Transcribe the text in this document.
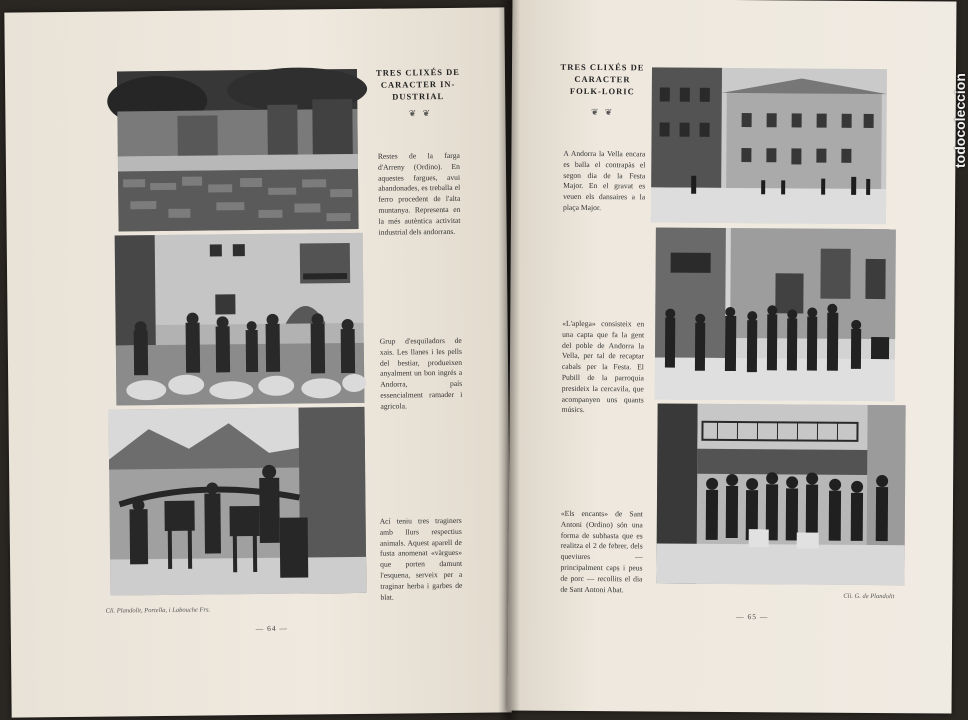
TRES CLIXÉS DE
CARACTER IN-
DUSTRIAL
❦ ❦
Restes de la farga d'Arreny (Ordino). En aquestes fargues, avui abandonades, es treballa el ferro procedent de l'alta muntanya. Representa en la més autèntica activitat industrial dels andorrans.
Grup d'esquiladors de xais. Les llanes i les pells del bestiar, produeixen anyalment un bon ingrés a Andorra, país essencialment ramader i agricola.
Ací teniu tres traginers amb llurs respectius animals. Aquest aparell de fusta anomenat «vàrgues» que porten damunt l'esquena, serveix per a traginar herba i garbes de blat.
Cli. Plandolit, Portella, i Labouche Frs.
— 64 —
TRES CLIXÉS DE
CARACTER
FOLK-LORIC
❦ ❦
A Andorra la Vella encara es balla el contrapàs el segon dia de la Festa Major. En el gravat es veuen els dansaires a la plaça Major.
«L'aplega» consisteix en una capta que fa la gent del poble de Andorra la Vella, per tal de recaptar cabals per la Festa. El Pubill de la parroquia presideix la cercavila, que acompanyen uns quants músics.
«Els encants» de Sant Antoni (Ordino) són una forma de subhasta que es realitza el 2 de febrer, dels queviures — principalment caps i peus de porc — recollits el dia de Sant Antoni Abat.
Cli. G. de Plandolit
— 65 —
todocoleccion
